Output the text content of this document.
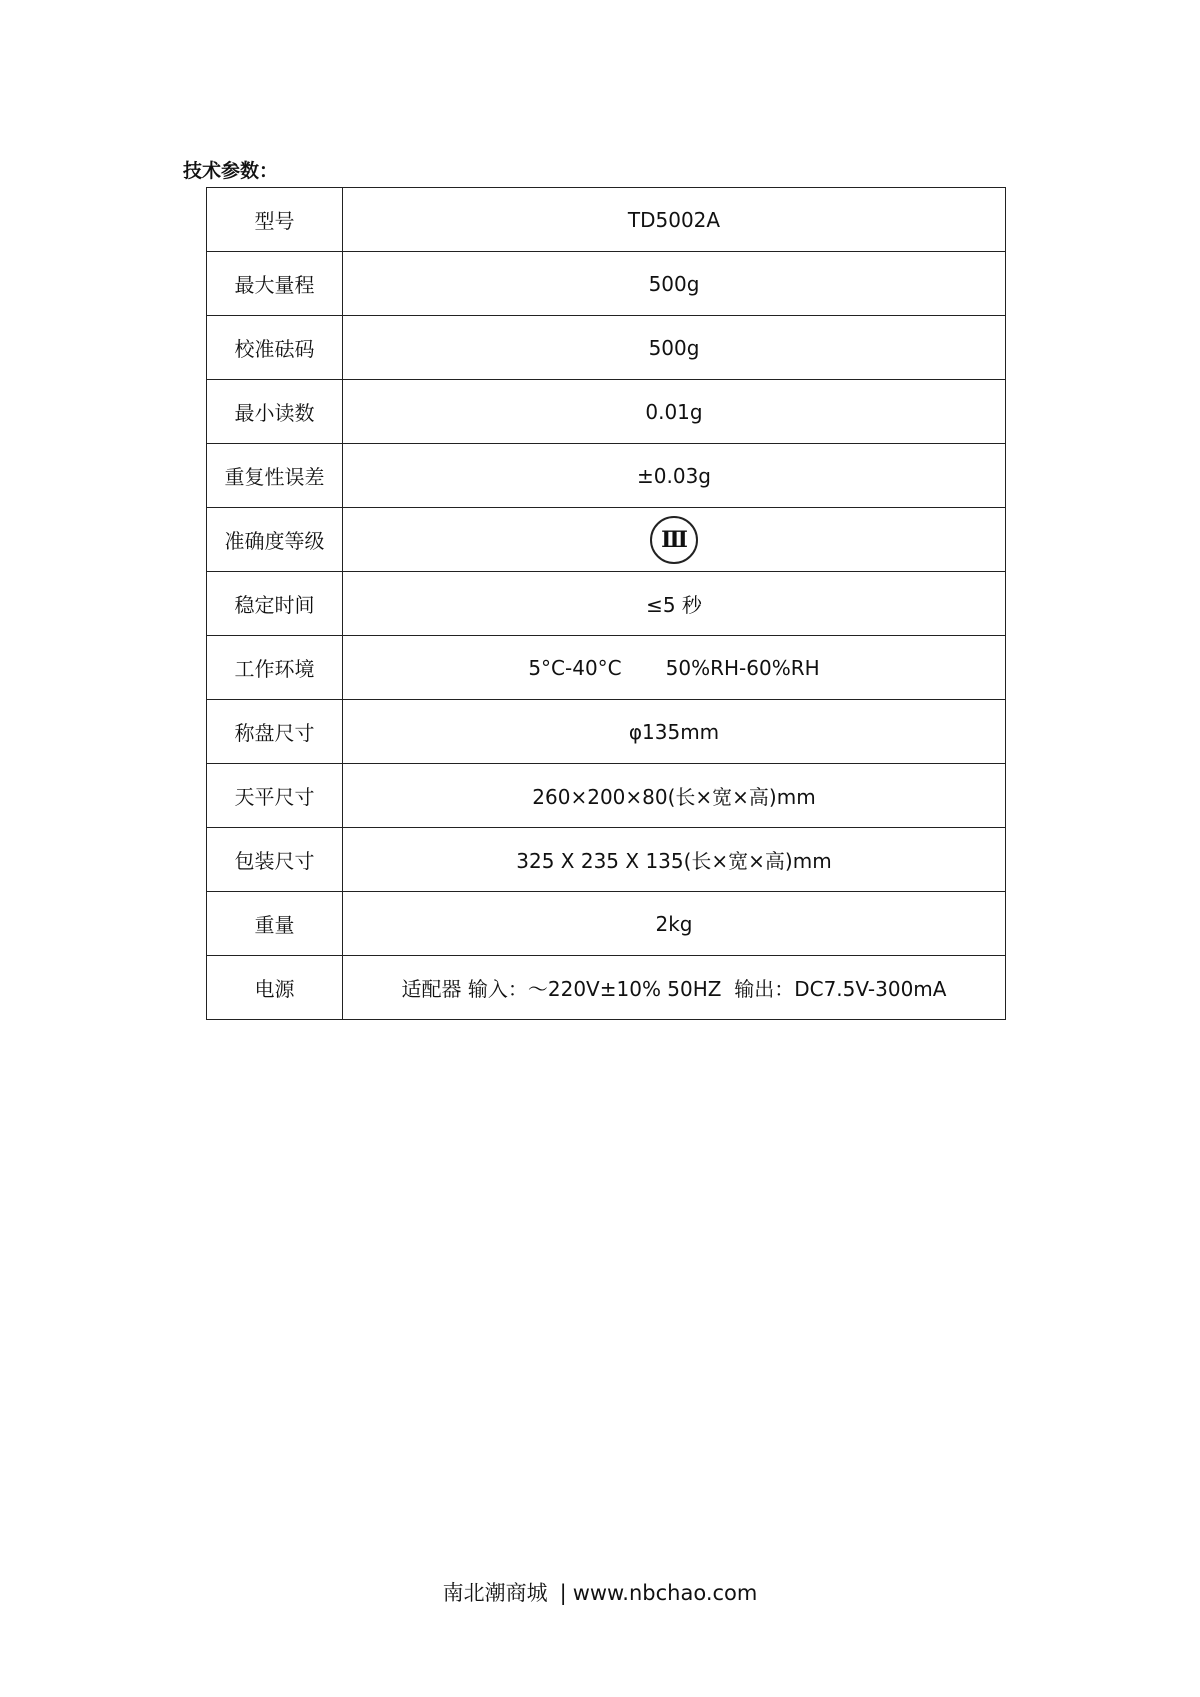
技术参数：
型号	TD5002A
最大量程	500g
校准砝码	500g
最小读数	0.01g
重复性误差	±0.03g
准确度等级	Ⅲ
稳定时间	≤5 秒
工作环境	5°C-40°C 50%RH-60%RH
称盘尺寸	φ135mm
天平尺寸	260×200×80(长×宽×高)mm
包装尺寸	325 X 235 X 135(长×宽×高)mm
重量	2kg
电源	适配器 输入：～220V±10% 50HZ  输出：DC7.5V-300mA
南北潮商城 | www.nbchao.com
